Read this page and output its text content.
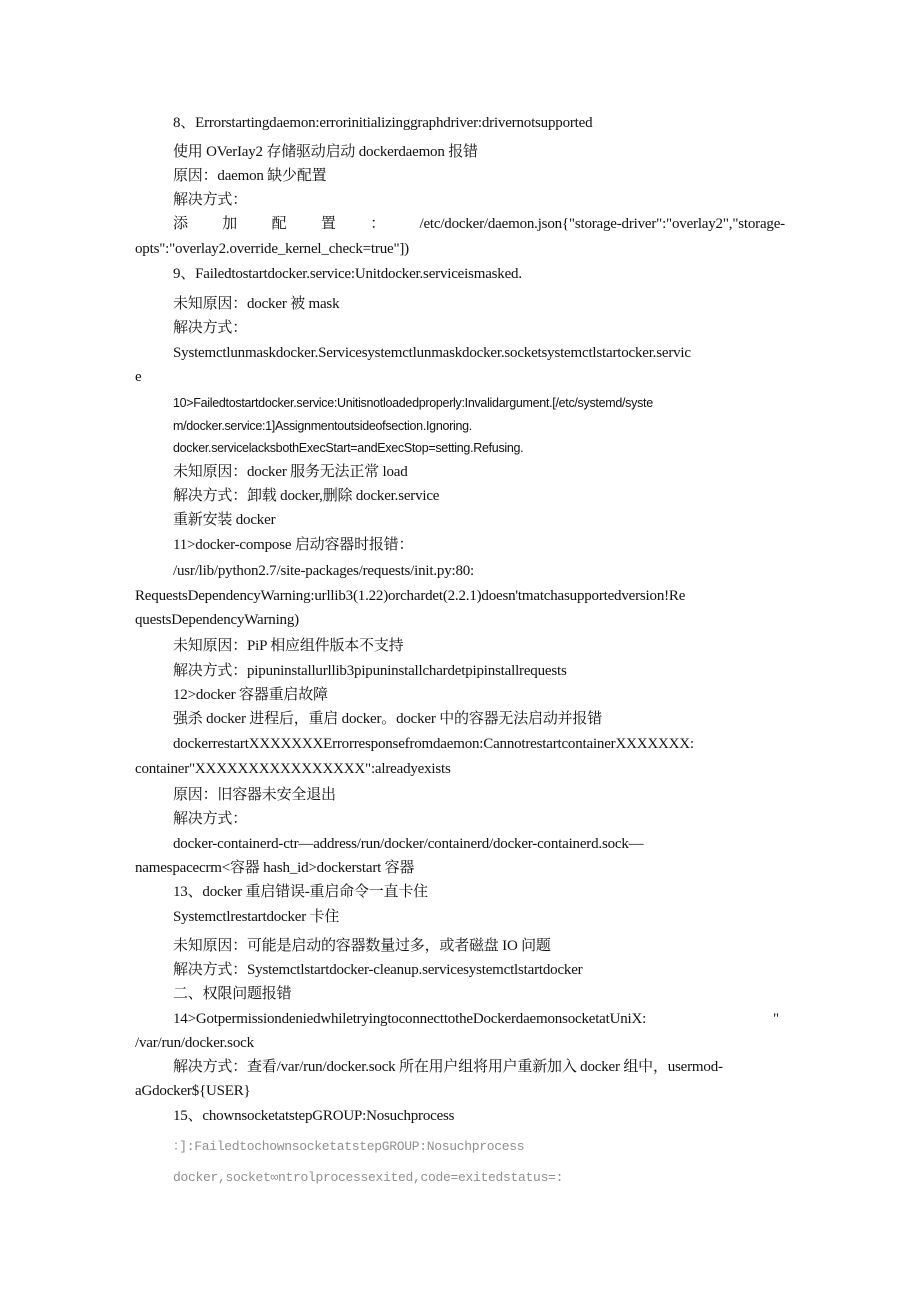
8、Errorstartingdaemon:errorinitializinggraphdriver:drivernotsupported
使用 OVerIay2 存储驱动启动 dockerdaemon 报错
原因：daemon 缺少配置
解决方式：
添 加 配 置 ： /etc/docker/daemon.json{"storage-driver":"overlay2","storage-
opts":"overlay2.override_kernel_check=true"])
9、Failedtostartdocker.service:Unitdocker.serviceismasked.
未知原因：docker 被 mask
解决方式：
Systemctlunmaskdocker.Servicesystemctlunmaskdocker.socketsystemctlstartocker.servic
e
10>Failedtostartdocker.service:Unitisnotloadedproperly:Invalidargument.[/etc/systemd/syste
m/docker.service:1]Assignmentoutsideofsection.Ignoring.
docker.servicelacksbothExecStart=andExecStop=setting.Refusing.
未知原因：docker 服务无法正常 load
解决方式：卸载 docker,删除 docker.service
重新安装 docker
11>docker-compose 启动容器时报错：
/usr/lib/python2.7/site-packages/requests/init.py:80:
RequestsDependencyWarning:urllib3(1.22)orchardet(2.2.1)doesn'tmatchasupportedversion!Re
questsDependencyWarning)
未知原因：PiP 相应组件版本不支持
解决方式：pipuninstallurllib3pipuninstallchardetpipinstallrequests
12>docker 容器重启故障
强杀 docker 进程后，重启 docker。docker 中的容器无法启动并报错
dockerrestartXXXXXXXErrorresponsefromdaemon:CannotrestartcontainerXXXXXXX:
container"XXXXXXXXXXXXXXXX":alreadyexists
原因：旧容器未安全退出
解决方式：
docker-containerd-ctr—address/run/docker/containerd/docker-containerd.sock—
namespacecrm<容器 hash_id>dockerstart 容器
13、docker 重启错误-重启命令一直卡住
Systemctlrestartdocker 卡住
未知原因：可能是启动的容器数量过多，或者磁盘 IO 问题
解决方式：Systemctlstartdocker-cleanup.servicesystemctlstartdocker
二、权限问题报错
14>GotpermissiondeniedwhiletryingtoconnecttotheDockerdaemonsocketatUniX:	"
/var/run/docker.sock
解决方式：查看/var/run/docker.sock 所在用户组将用户重新加入 docker 组中，usermod-
aGdocker${USER}
15、chownsocketatstepGROUP:Nosuchprocess
：]:FailedtochownsocketatstepGROUP:Nosuchprocess
docker,socket∞ntrolprocessexited,code=exitedstatus=:
